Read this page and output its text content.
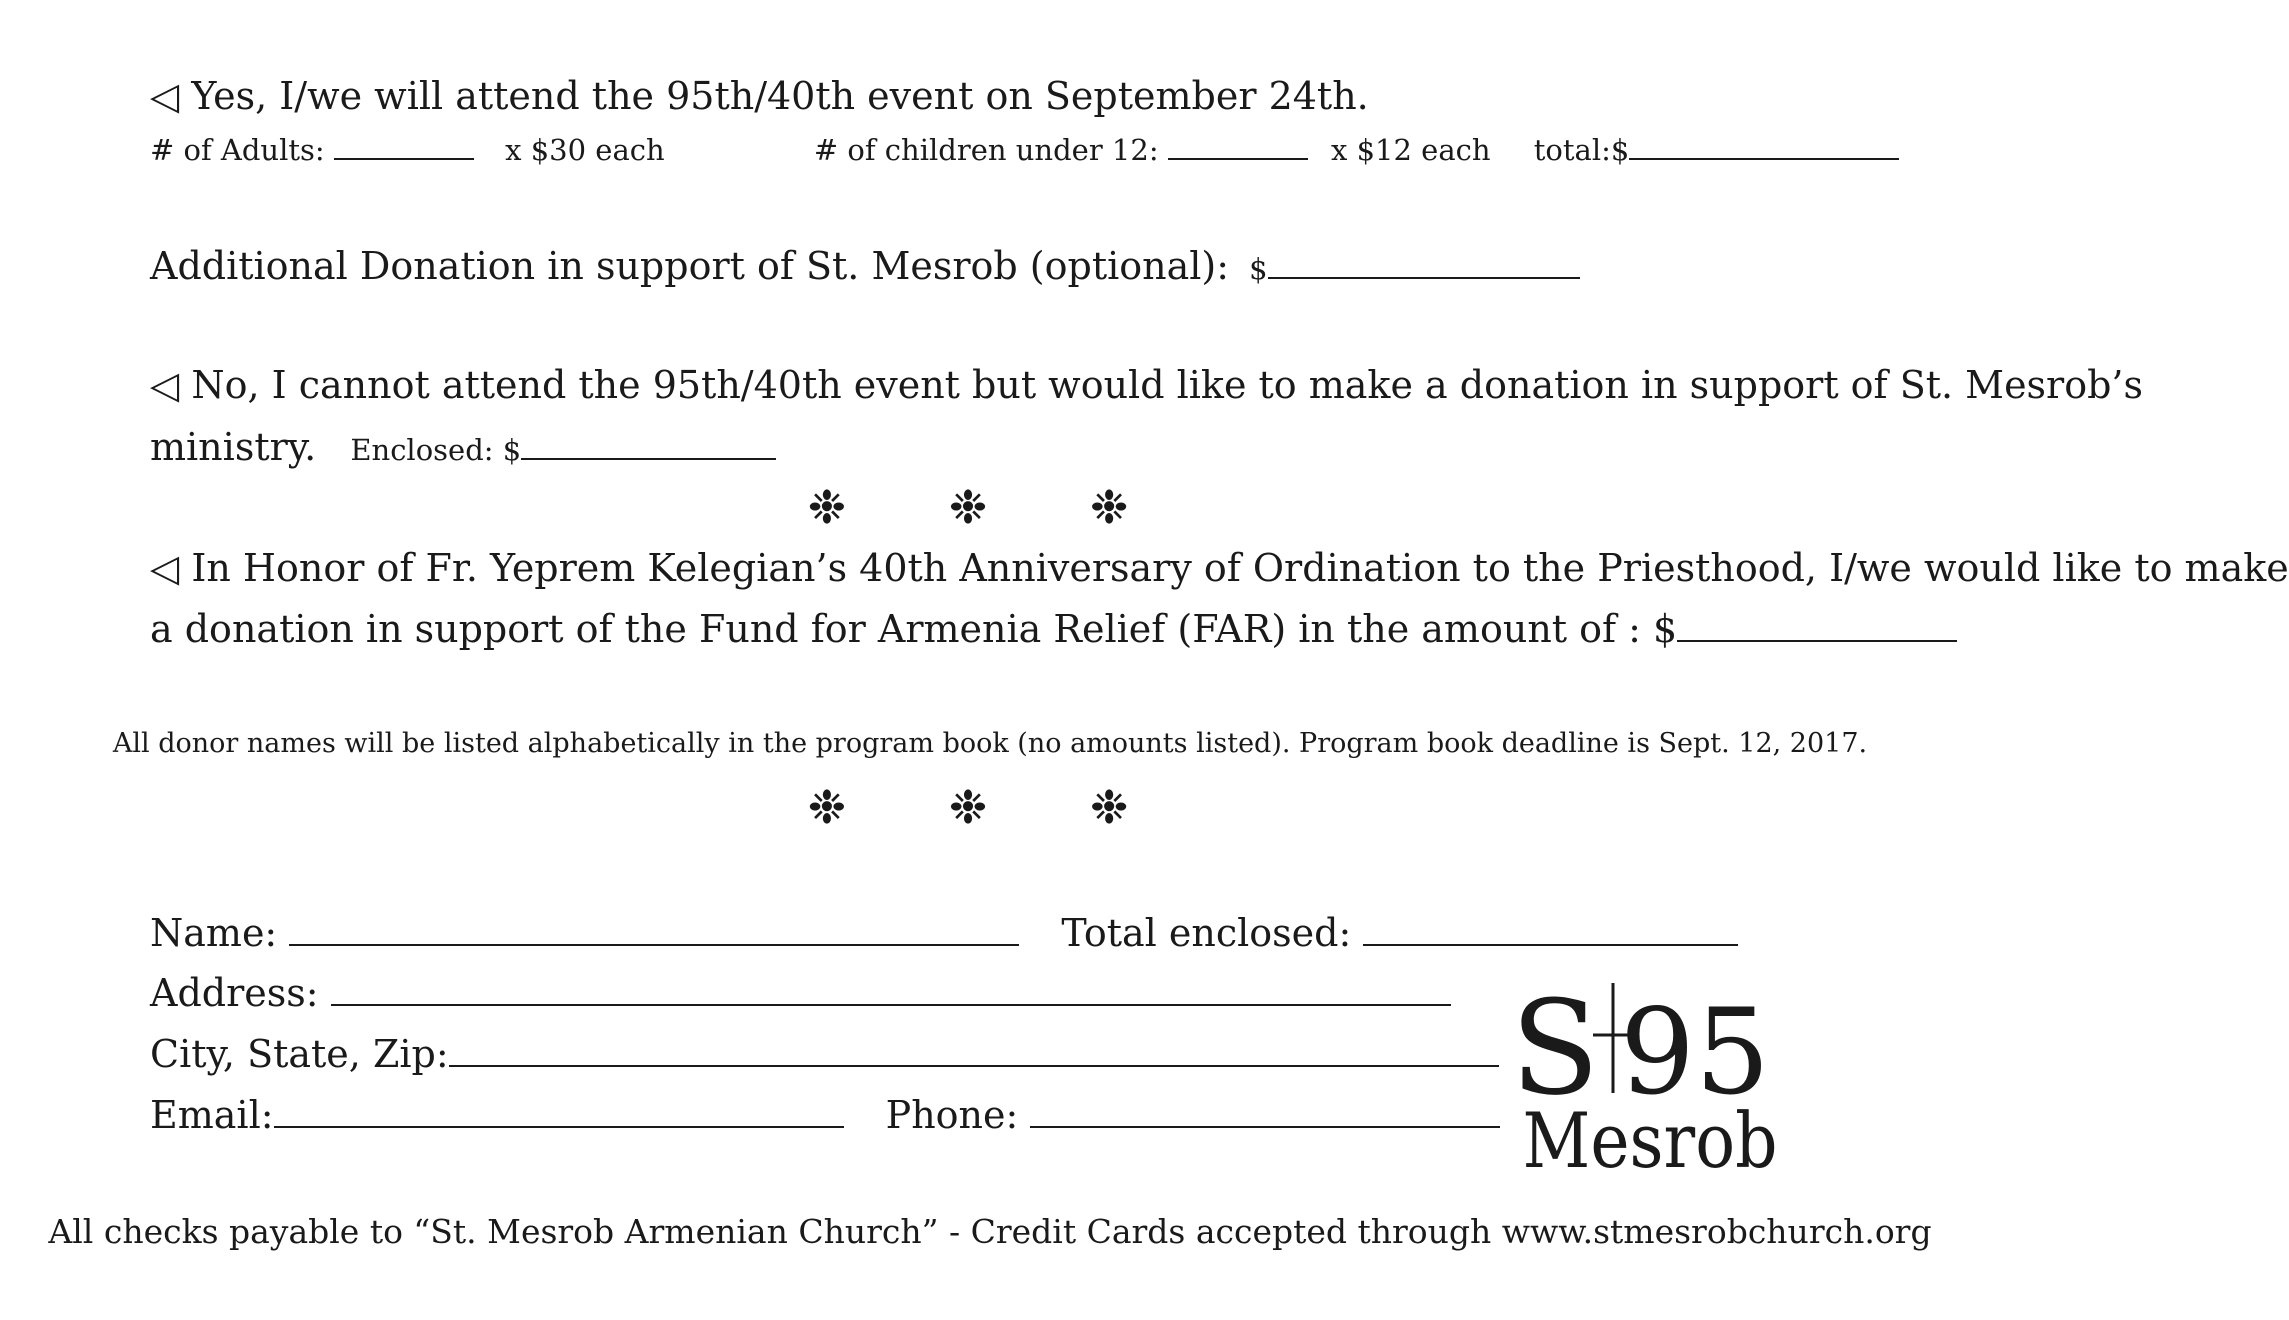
◁ Yes, I/we will attend the 95th/40th event on September 24th.
# of Adults:	x $30 each	# of children under 12:	x $12 each total:$
Additional Donation in support of St. Mesrob (optional): $
◁ No, I cannot attend the 95th/40th event but would like to make a donation in support of St. Mesrob’s
ministry. Enclosed: $
❉ ❉ ❉
◁ In Honor of Fr. Yeprem Kelegian’s 40th Anniversary of Ordination to the Priesthood, I/we would like to make
a donation in support of the Fund for Armenia Relief (FAR) in the amount of : $
All donor names will be listed alphabetically in the program book (no amounts listed). Program book deadline is Sept. 12, 2017.
❉ ❉ ❉
Name:	Total enclosed:
Address:
City, State, Zip:
Email:	Phone:	S 95
Mesrob
All checks payable to “St. Mesrob Armenian Church” - Credit Cards accepted through www.stmesrobchurch.org
